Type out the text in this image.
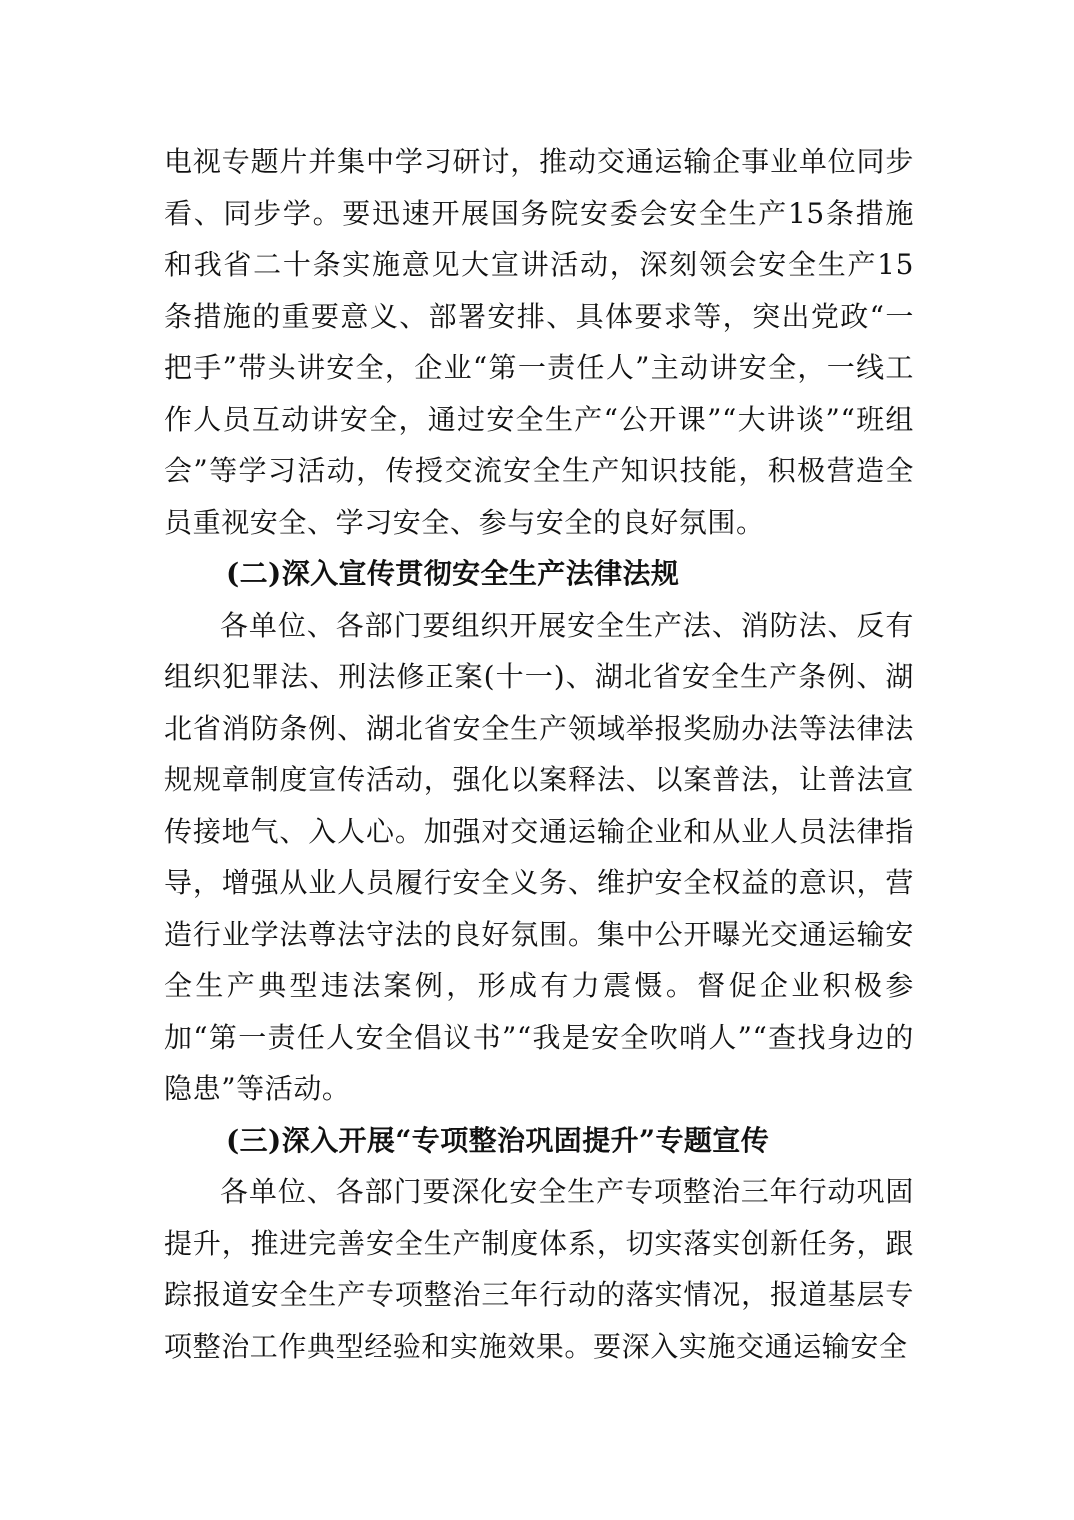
电视专题片并集中学习研讨，推动交通运输企事业单位同步看、同步学。要迅速开展国务院安委会安全生产15条措施和我省二十条实施意见大宣讲活动，深刻领会安全生产15条措施的重要意义、部署安排、具体要求等，突出党政“一把手”带头讲安全，企业“第一责任人”主动讲安全，一线工作人员互动讲安全，通过安全生产“公开课”“大讲谈”“班组会”等学习活动，传授交流安全生产知识技能，积极营造全员重视安全、学习安全、参与安全的良好氛围。

(二)深入宣传贯彻安全生产法律法规

各单位、各部门要组织开展安全生产法、消防法、反有组织犯罪法、刑法修正案(十一)、湖北省安全生产条例、湖北省消防条例、湖北省安全生产领域举报奖励办法等法律法规规章制度宣传活动，强化以案释法、以案普法，让普法宣传接地气、入人心。加强对交通运输企业和从业人员法律指导，增强从业人员履行安全义务、维护安全权益的意识，营造行业学法尊法守法的良好氛围。集中公开曝光交通运输安全生产典型违法案例，形成有力震慑。督促企业积极参加“第一责任人安全倡议书”“我是安全吹哨人”“查找身边的隐患”等活动。

(三)深入开展“专项整治巩固提升”专题宣传

各单位、各部门要深化安全生产专项整治三年行动巩固提升，推进完善安全生产制度体系，切实落实创新任务，跟踪报道安全生产专项整治三年行动的落实情况，报道基层专项整治工作典型经验和实施效果。要深入实施交通运输安全
